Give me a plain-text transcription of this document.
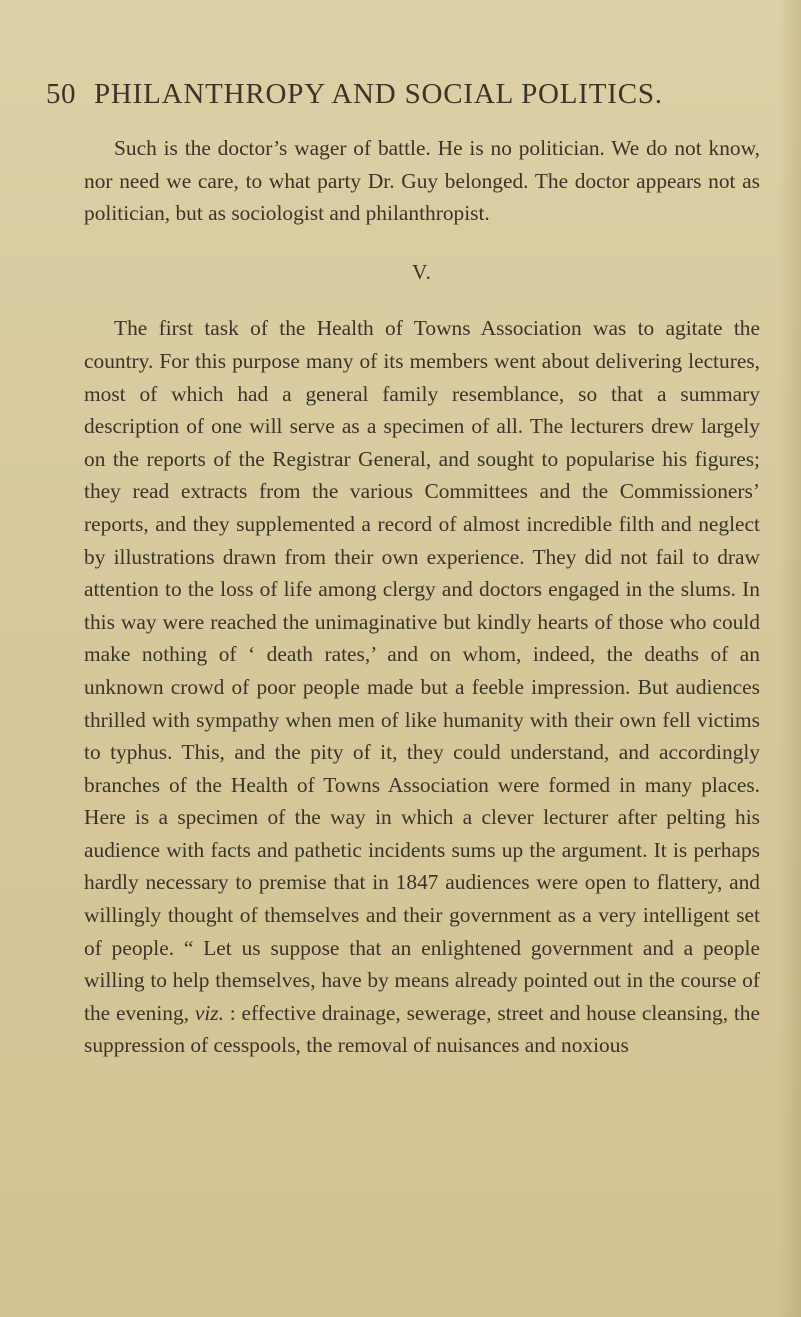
50 PHILANTHROPY AND SOCIAL POLITICS.

Such is the doctor’s wager of battle. He is no politician. We do not know, nor need we care, to what party Dr. Guy belonged. The doctor appears not as politician, but as sociologist and philanthropist.

V.

The first task of the Health of Towns Association was to agitate the country. For this purpose many of its members went about delivering lectures, most of which had a general family resemblance, so that a summary description of one will serve as a specimen of all. The lecturers drew largely on the reports of the Registrar General, and sought to popularise his figures; they read extracts from the various Committees and the Commissioners’ reports, and they supplemented a record of almost incredible filth and neglect by illustrations drawn from their own experience. They did not fail to draw attention to the loss of life among clergy and doctors engaged in the slums. In this way were reached the unimaginative but kindly hearts of those who could make nothing of ‘ death rates,’ and on whom, indeed, the deaths of an unknown crowd of poor people made but a feeble impression. But audiences thrilled with sympathy when men of like humanity with their own fell victims to typhus. This, and the pity of it, they could understand, and accordingly branches of the Health of Towns Association were formed in many places. Here is a specimen of the way in which a clever lecturer after pelting his audience with facts and pathetic incidents sums up the argument. It is perhaps hardly necessary to premise that in 1847 audiences were open to flattery, and willingly thought of themselves and their government as a very intelligent set of people. “ Let us suppose that an enlightened government and a people willing to help themselves, have by means already pointed out in the course of the evening, viz. : effective drainage, sewerage, street and house cleansing, the suppression of cesspools, the removal of nuisances and noxious
